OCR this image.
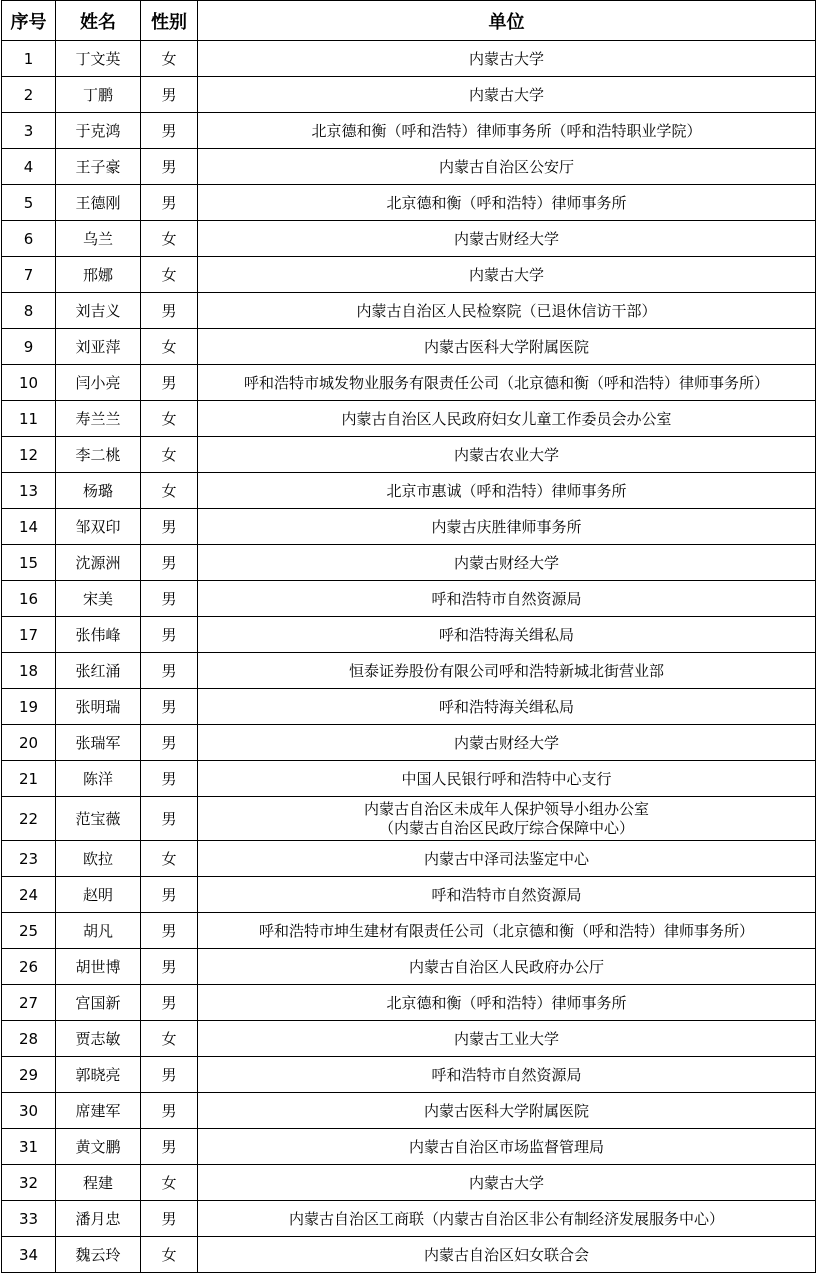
序号	姓名	性别	单位
1	丁文英	女	内蒙古大学
2	丁鹏	男	内蒙古大学
3	于克鸿	男	北京德和衡（呼和浩特）律师事务所（呼和浩特职业学院）
4	王子豪	男	内蒙古自治区公安厅
5	王德刚	男	北京德和衡（呼和浩特）律师事务所
6	乌兰	女	内蒙古财经大学
7	邢娜	女	内蒙古大学
8	刘吉义	男	内蒙古自治区人民检察院（已退休信访干部）
9	刘亚萍	女	内蒙古医科大学附属医院
10	闫小亮	男	呼和浩特市城发物业服务有限责任公司（北京德和衡（呼和浩特）律师事务所）
11	寿兰兰	女	内蒙古自治区人民政府妇女儿童工作委员会办公室
12	李二桃	女	内蒙古农业大学
13	杨璐	女	北京市惠诚（呼和浩特）律师事务所
14	邹双印	男	内蒙古庆胜律师事务所
15	沈源洲	男	内蒙古财经大学
16	宋美	男	呼和浩特市自然资源局
17	张伟峰	男	呼和浩特海关缉私局
18	张红涌	男	恒泰证券股份有限公司呼和浩特新城北街营业部
19	张明瑞	男	呼和浩特海关缉私局
20	张瑞军	男	内蒙古财经大学
21	陈洋	男	中国人民银行呼和浩特中心支行
22	范宝薇	男	内蒙古自治区未成年人保护领导小组办公室
（内蒙古自治区民政厅综合保障中心）

23	欧拉	女	内蒙古中泽司法鉴定中心
24	赵明	男	呼和浩特市自然资源局
25	胡凡	男	呼和浩特市坤生建材有限责任公司（北京德和衡（呼和浩特）律师事务所）
26	胡世博	男	内蒙古自治区人民政府办公厅
27	宫国新	男	北京德和衡（呼和浩特）律师事务所
28	贾志敏	女	内蒙古工业大学
29	郭晓亮	男	呼和浩特市自然资源局
30	席建军	男	内蒙古医科大学附属医院
31	黄文鹏	男	内蒙古自治区市场监督管理局
32	程建	女	内蒙古大学
33	潘月忠	男	内蒙古自治区工商联（内蒙古自治区非公有制经济发展服务中心）
34	魏云玲	女	内蒙古自治区妇女联合会
